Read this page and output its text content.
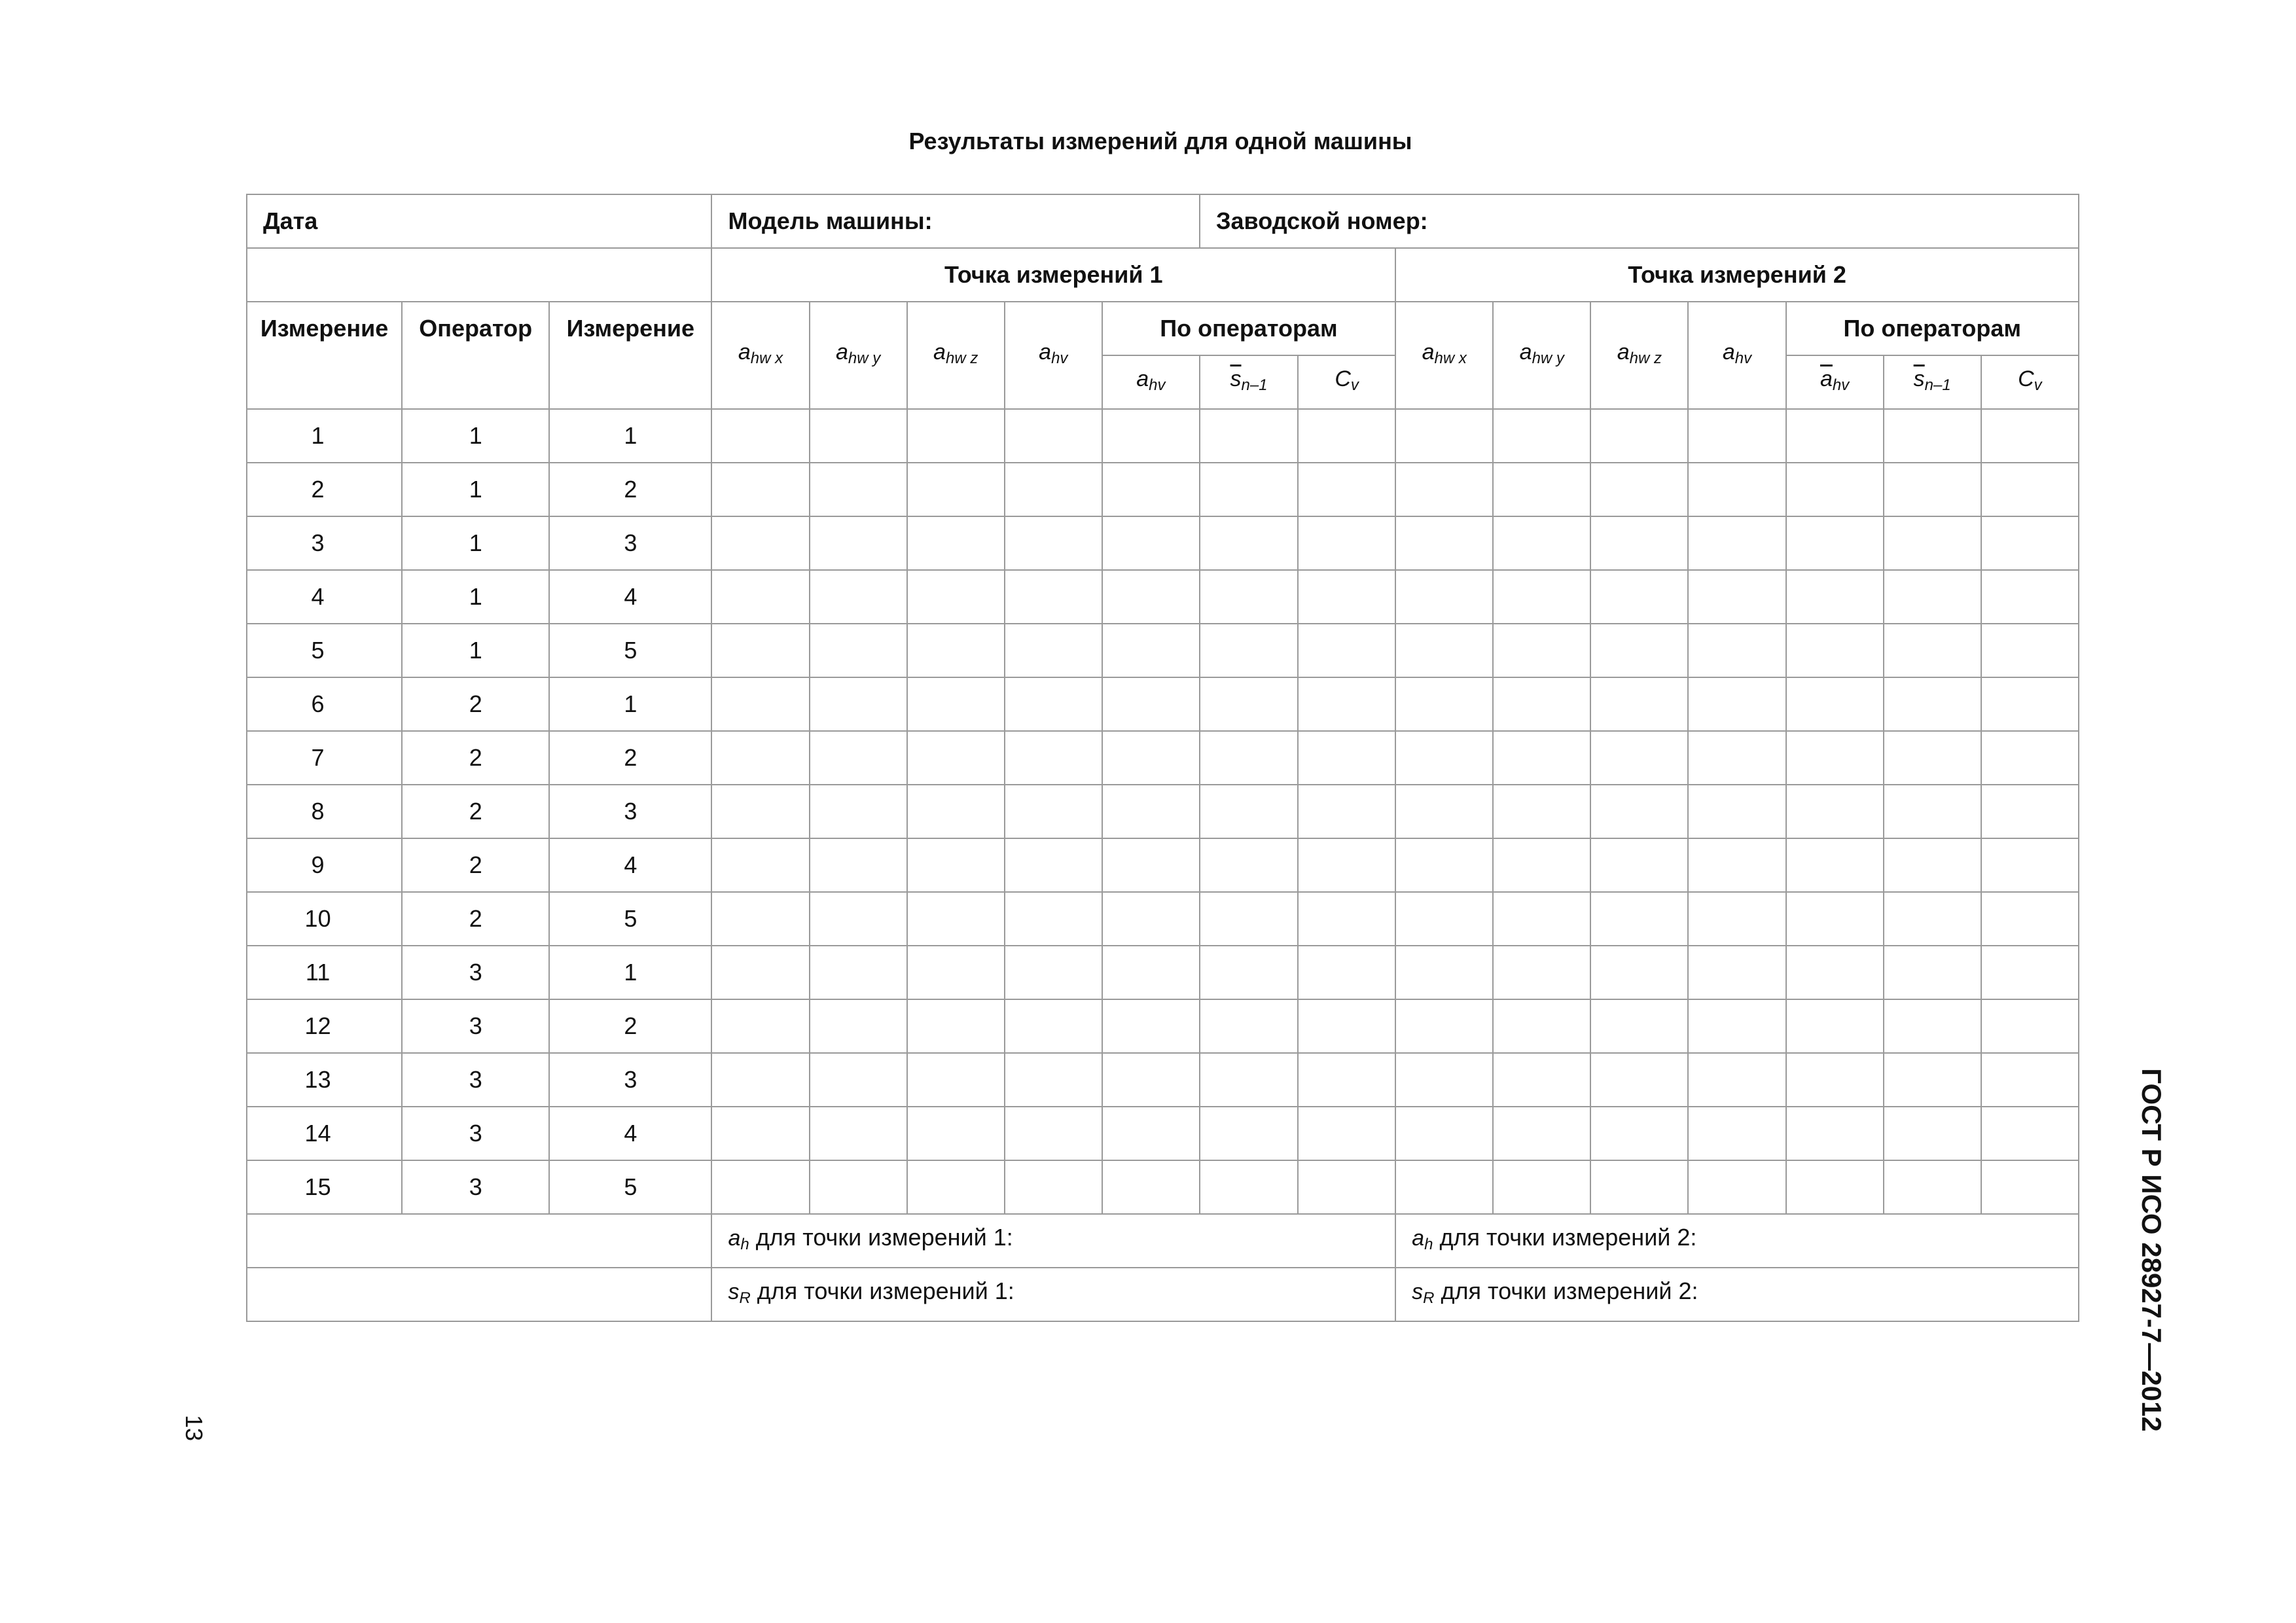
Результаты измерений для одной машины
Дата			Модель машины:					Заводской номер:								
			Точка измерений 1							Точка измерений 2						
Измерение	Оператор	Измерение	$a_{hw x}$	$a_{hw y}$	$a_{hw z}$	$a_{hv}$	По операторам			$a_{hw x}$	$a_{hw y}$	$a_{hw z}$	$a_{hv}$	По операторам		
							$a_{hv}$	$\overline{s}_{n-1}$	$C_v$					$\overline{a}_{hv}$	$\overline{s}_{n-1}$	$C_v$
1	1	1														
2	1	2														
3	1	3														
4	1	4														
5	1	5														
6	2	1														
7	2	2														
8	2	3														
9	2	4														
10	2	5														
11	3	1														
12	3	2														
13	3	3														
14	3	4														
15	3	5														
			ah для точки измерений 1:							ah для точки измерений 2:						
			sR для точки измерений 1:							sR для точки измерений 2:							ГОСТ Р ИСО 28927-7—2012
13
